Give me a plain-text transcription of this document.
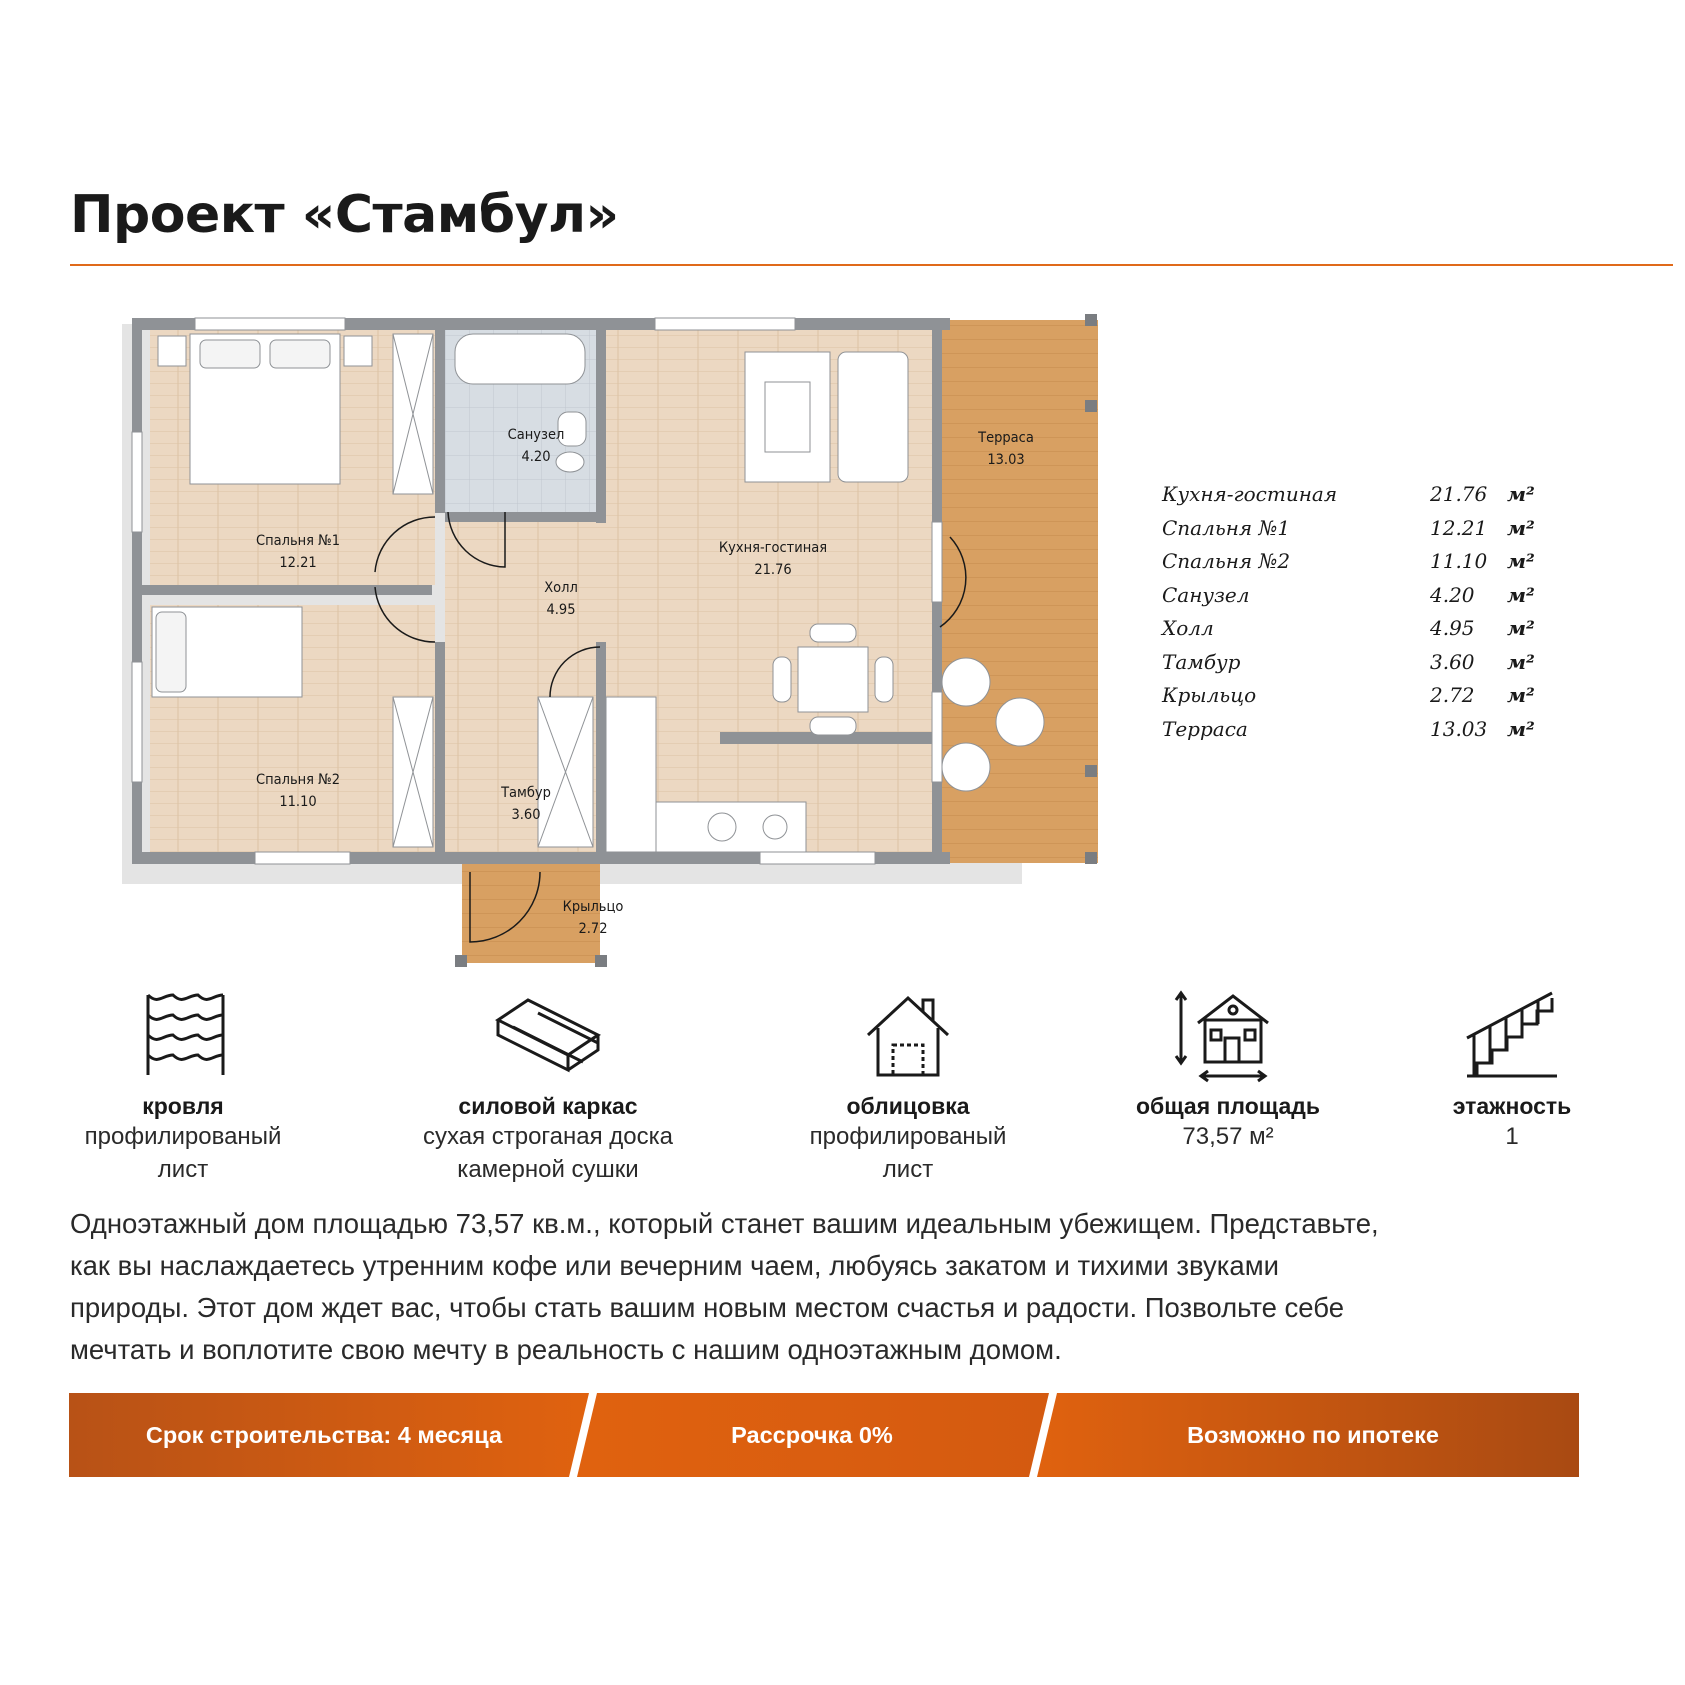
Проект «Стамбул»
Спальня №1
12.21
Спальня №2
11.10
Санузел
4.20
Холл
4.95
Кухня-гостиная
21.76
Тамбур
3.60
Терраса
13.03
Крыльцо
2.72
Кухня-гостиная	21.76 м²
Спальня №1	12.21 м²
Спальня №2	11.10 м²
Санузел	4.20 м²
Холл	4.95 м²
Тамбур	3.60 м²
Крыльцо	2.72 м²
Терраса	13.03 м²
кровля
профилированый
лист
силовой каркас
сухая строганая доска
камерной сушки
облицовка
профилированый
лист
общая площадь
73,57 м²
этажность
1
Одноэтажный дом площадью 73,57 кв.м., который станет вашим идеальным убежищем. Представьте,
как вы наслаждаетесь утренним кофе или вечерним чаем, любуясь закатом и тихими звуками
природы. Этот дом ждет вас, чтобы стать вашим новым местом счастья и радости. Позвольте себе
мечтать и воплотите свою мечту в реальность с нашим одноэтажным домом.
Срок строительства: 4 месяца	Рассрочка 0%	Возможно по ипотеке
